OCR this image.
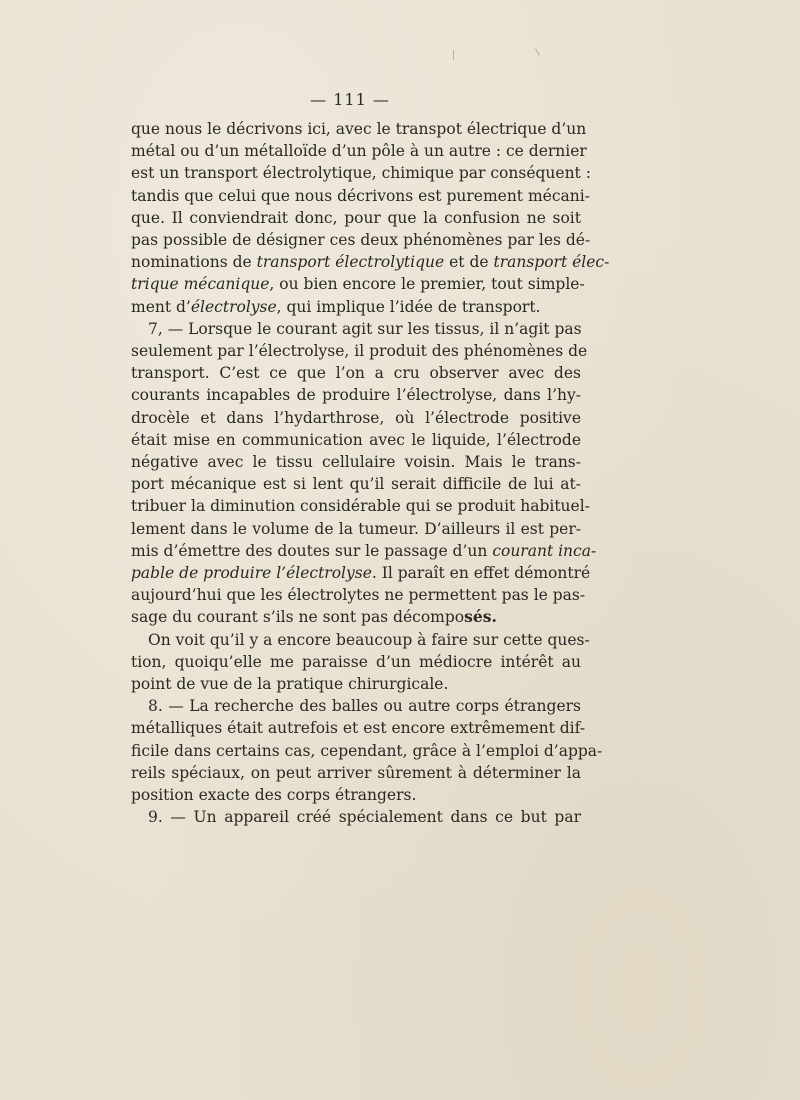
— 111 —

que nous le décrivons ici, avec le transpot électrique d’un
métal ou d’un métalloïde d’un pôle à un autre : ce dernier
est un transport électrolytique, chimique par conséquent :
tandis que celui que nous décrivons est purement mécani-
que. Il conviendrait donc, pour que la confusion ne soit
pas possible de désigner ces deux phénomènes par les dé-
nominations de transport électrolytique et de transport élec-
trique mécanique, ou bien encore le premier, tout simple-
ment d’électrolyse, qui implique l’idée de transport.

7, — Lorsque le courant agit sur les tissus, il n’agit pas
seulement par l’électrolyse, il produit des phénomènes de
transport. C’est ce que l’on a cru observer avec des
courants incapables de produire l’électrolyse, dans l’hy-
drocèle et dans l’hydarthrose, où l’électrode positive
était mise en communication avec le liquide, l’électrode
négative avec le tissu cellulaire voisin. Mais le trans-
port mécanique est si lent qu’il serait difficile de lui at-
tribuer la diminution considérable qui se produit habituel-
lement dans le volume de la tumeur. D’ailleurs il est per-
mis d’émettre des doutes sur le passage d’un courant inca-
pable de produire l’électrolyse. Il paraît en effet démontré
aujourd’hui que les électrolytes ne permettent pas le pas-
sage du courant s’ils ne sont pas décomposés.

On voit qu’il y a encore beaucoup à faire sur cette ques-
tion, quoiqu’elle me paraisse d’un médiocre intérêt au
point de vue de la pratique chirurgicale.

8. — La recherche des balles ou autre corps étrangers
métalliques était autrefois et est encore extrêmement dif-
ficile dans certains cas, cependant, grâce à l’emploi d’appa-
reils spéciaux, on peut arriver sûrement à déterminer la
position exacte des corps étrangers.

9. — Un appareil créé spécialement dans ce but par
